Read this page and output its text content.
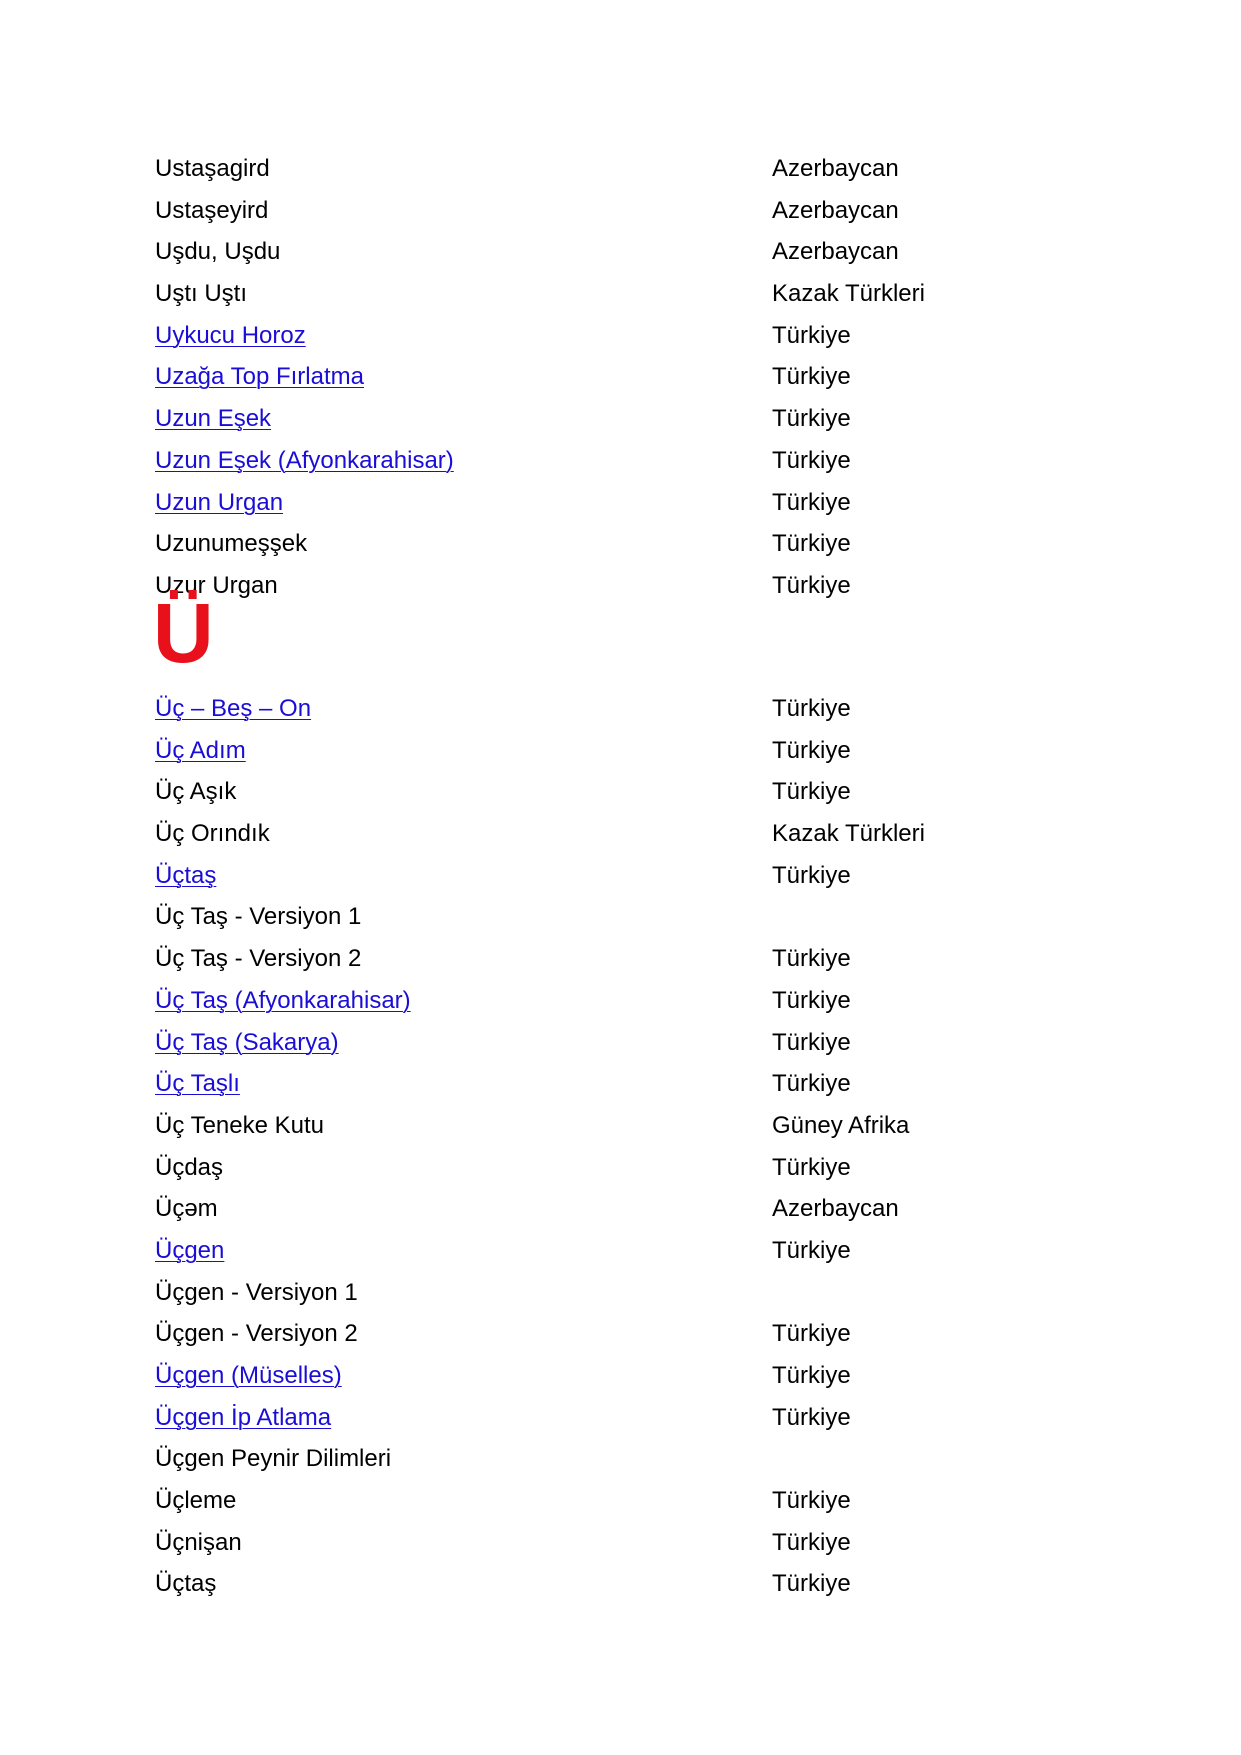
Ustaşagird	Azerbaycan
Ustaşeyird	Azerbaycan
Uşdu, Uşdu	Azerbaycan
Uştı Uştı	Kazak Türkleri
Uykucu Horoz	Türkiye
Uzağa Top Fırlatma	Türkiye
Uzun Eşek	Türkiye
Uzun Eşek (Afyonkarahisar)	Türkiye
Uzun Urgan	Türkiye
Uzunumeşşek	Türkiye
Uzur Urgan	Türkiye
Ü
Üç – Beş – On	Türkiye
Üç Adım	Türkiye
Üç Aşık	Türkiye
Üç Orındık	Kazak Türkleri
Üçtaş	Türkiye
Üç Taş - Versiyon 1
Üç Taş - Versiyon 2	Türkiye
Üç Taş (Afyonkarahisar)	Türkiye
Üç Taş (Sakarya)	Türkiye
Üç Taşlı	Türkiye
Üç Teneke Kutu	Güney Afrika
Üçdaş	Türkiye
Üçəm	Azerbaycan
Üçgen	Türkiye
Üçgen - Versiyon 1
Üçgen - Versiyon 2	Türkiye
Üçgen (Müselles)	Türkiye
Üçgen İp Atlama	Türkiye
Üçgen Peynir Dilimleri
Üçleme	Türkiye
Üçnişan	Türkiye
Üçtaş	Türkiye
